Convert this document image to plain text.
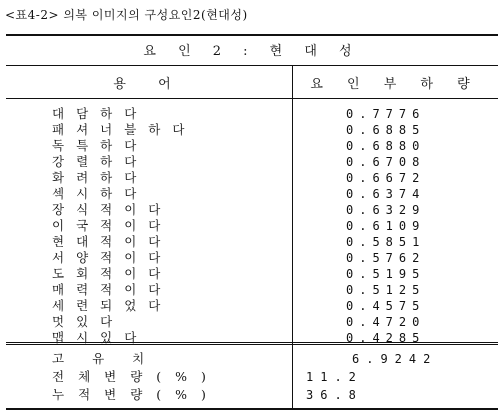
<표4-2> 의복 이미지의 구성요인2(현대성)
요 인 2 : 현 대 성
용 어	요 인 부 하 량
대담하다	0.7776
패셔너블하다	0.6885
독특하다	0.6880
강렬하다	0.6708
화려하다	0.6672
섹시하다	0.6374
장식적이다	0.6329
이국적이다	0.6109
현대적이다	0.5851
서양적이다	0.5762
도회적이다	0.5195
매력적이다	0.5125
세련되었다	0.4575
멋있다	0.4720
맵시있다	0.4285
고유치	6.9242
전체변량(%)	11.2
누적변량(%)	36.8
